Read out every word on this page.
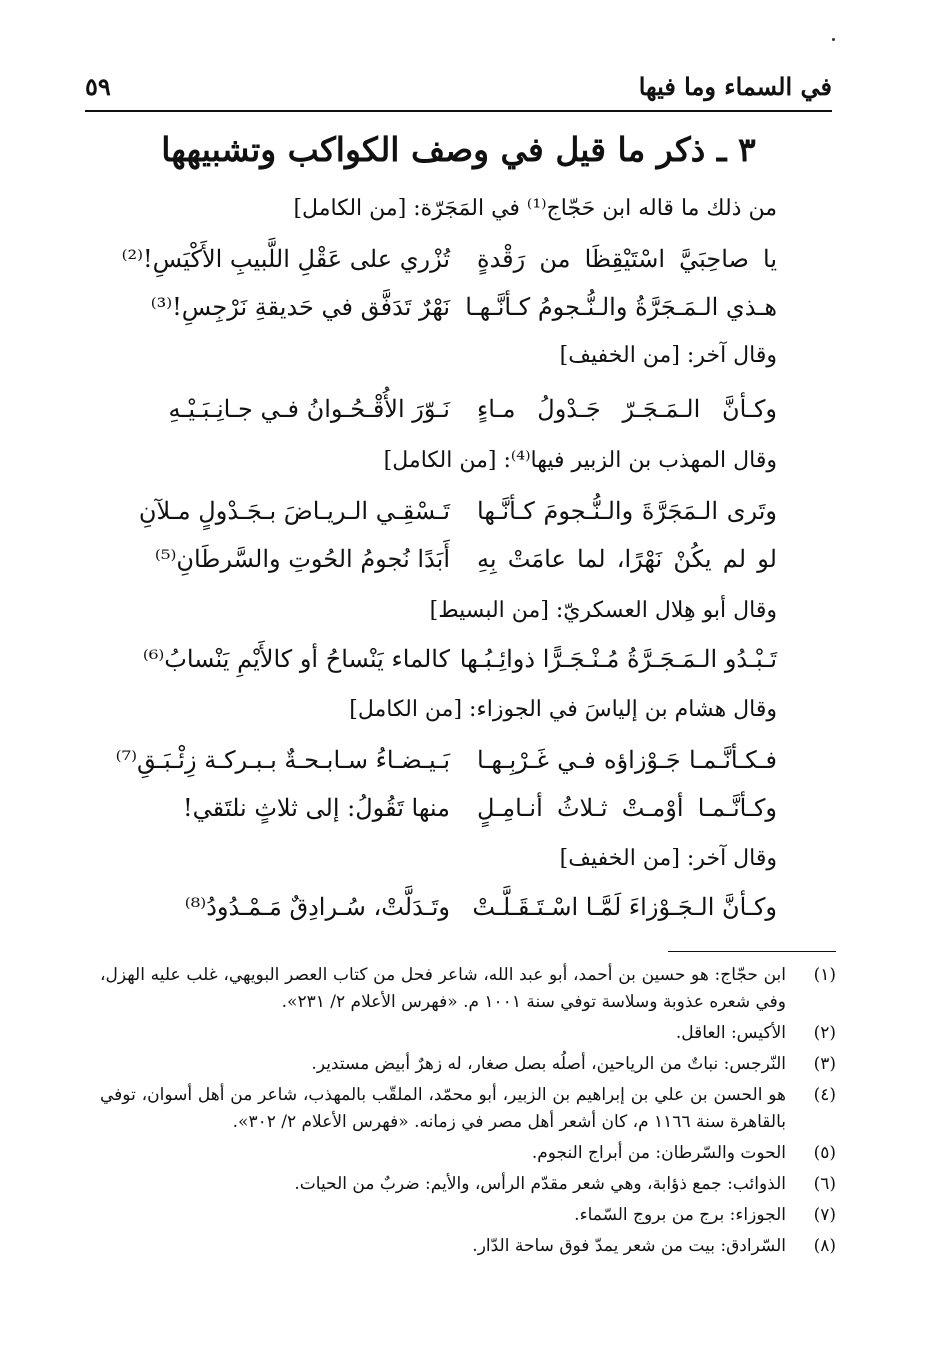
في السماء وما فيها
٥٩
٣ ـ ذكر ما قيل في وصف الكواكب وتشبيهها
من ذلك ما قاله ابن حَجّاج⁽¹⁾ في المَجَرّة: [من الكامل]
يا صاحِبَيَّ اسْتَيْقِظَا من رَقْدةٍ
تُزْري على عَقْلِ اللَّبيبِ الأَكْيَسِ!⁽²⁾
هـذي الـمَـجَرَّةُ والـنُّـجومُ كـأنَّـهـا
نَهْرٌ تَدَفَّق في حَديقةِ نَرْجِسِ!⁽³⁾
وقال آخر: [من الخفيف]
وكـأنَّ الـمَـجَـرّ جَـدْولُ مـاءٍ
نَـوّرَ الأُقْـحُـوانُ فـي جـانِـبَـيْـهِ
وقال المهذب بن الزبير فيها⁽⁴⁾: [من الكامل]
وتَرى الـمَجَرَّةَ والـنُّـجومَ كـأنَّـها
تَـسْقِـي الـريـاضَ بـجَـدْولٍ مـلآنِ
لو لم يكُنْ نَهْرًا، لما عامَتْ بِهِ
أَبَدًا نُجومُ الحُوتِ والسَّرطَانِ⁽⁵⁾
وقال أبو هِلال العسكريّ: [من البسيط]
تَـبْـدُو الـمَـجَـرَّةُ مُـنْـجَـرًّا ذوائِـبُـها
كالماء يَنْساحُ أو كالأَيْمِ يَنْسابُ⁽⁶⁾
وقال هشام بن إلياسَ في الجوزاء: [من الكامل]
فـكـأنَّـمـا جَـوْزاؤه فـي غَـرْبِـهـا
بَـيـضـاءُ سـابـحـةٌ بـبـركـة زِئْـبَـقِ⁽⁷⁾
وكـأنَّـمـا أوْمـتْ ثـلاثُ أنـامِـلٍ
منها تَقُولُ: إلى ثلاثٍ نلتَقي!
وقال آخر: [من الخفيف]
وكـأنَّ الـجَـوْزاءَ لَمَّـا اسْـتَـقَـلَّـتْ
وتَـدَلَّتْ، سُـرادِقٌ مَـمْـدُودُ⁽⁸⁾
(١)
ابن حجّاج: هو حسين بن أحمد، أبو عبد الله، شاعر فحل من كتاب العصر البويهي، غلب عليه الهزل، وفي شعره عذوبة وسلاسة توفي سنة ١٠٠١ م. «فهرس الأعلام ٢/ ٢٣١».
(٢)
الأكيس: العاقل.
(٣)
النّرجس: نباتٌ من الرياحين، أصلُه بصل صغار، له زهرٌ أبيض مستدير.
(٤)
هو الحسن بن علي بن إبراهيم بن الزبير، أبو محمّد، الملقّب بالمهذب، شاعر من أهل أسوان، توفي بالقاهرة سنة ١١٦٦ م، كان أشعر أهل مصر في زمانه. «فهرس الأعلام ٢/ ٣٠٢».
(٥)
الحوت والسّرطان: من أبراج النجوم.
(٦)
الذوائب: جمع ذؤابة، وهي شعر مقدّم الرأس، والأيم: ضربٌ من الحيات.
(٧)
الجوزاء: برج من بروج السّماء.
(٨)
السّرادق: بيت من شعر يمدّ فوق ساحة الدّار.
